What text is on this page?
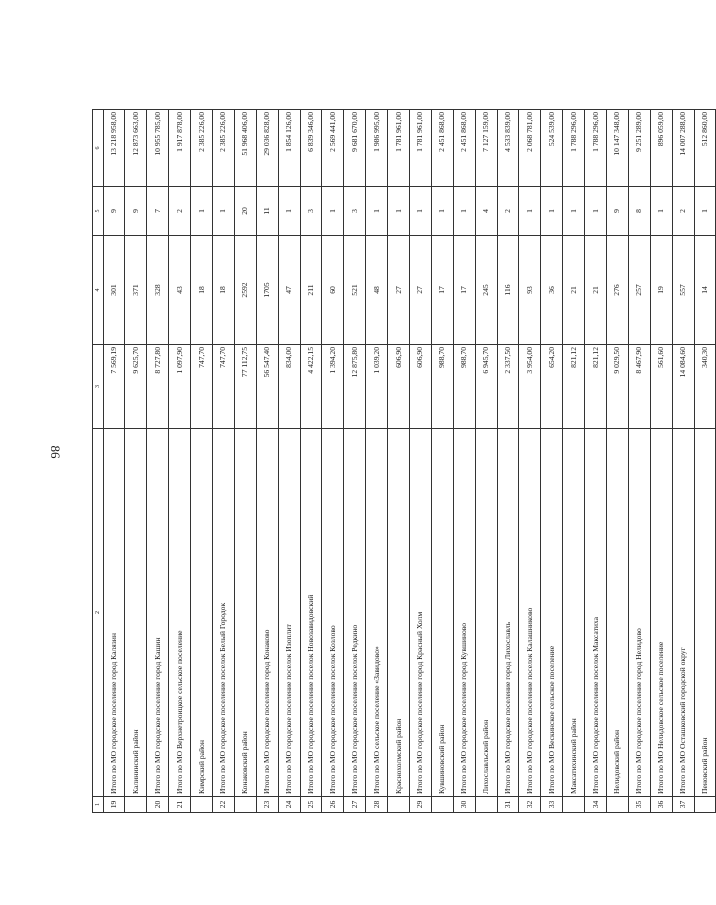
86
1	2	3	4	5	6
19	Итого по МО городское поселение город Калязин	7 569,19	301	9	13 218 958,00
	Калининский район	9 625,70	371	9	12 873 663,00
20	Итого по МО городское поселение город Кашин	8 727,80	328	7	10 955 785,00
21	Итого по МО Верхнетроицкое сельское поселение	1 097,90	43	2	1 917 878,00
	Кимрский район	747,70	18	1	2 385 226,00
22	Итого по МО городское поселение поселок Белый Городок	747,70	18	1	2 385 226,00
	Конаковский район	77 112,75	2592	20	51 968 406,00
23	Итого по МО городское поселение город Конаково	56 547,40	1705	11	29 036 828,00
24	Итого по МО городское поселение поселок Изоплит	834,00	47	1	1 854 126,00
25	Итого по МО городское поселение поселок Новозавидовский	4 422,15	211	3	6 839 346,00
26	Итого по МО городское поселение поселок Козлово	1 394,20	60	1	2 569 441,00
27	Итого по МО городское поселение поселок Редкино	12 875,80	521	3	9 681 670,00
28	Итого по МО сельское поселение «Завидово»	1 039,20	48	1	1 986 995,00
	Краснохолмский район	606,90	27	1	1 781 961,00
29	Итого по МО городское поселение город Красный Холм	606,90	27	1	1 781 961,00
	Кувшиновский район	988,70	17	1	2 451 868,00
30	Итого по МО городское поселение город Кувшиново	988,70	17	1	2 451 868,00
	Лихославльский район	6 945,70	245	4	7 127 159,00
31	Итого по МО городское поселение город Лихославль	2 337,50	116	2	4 533 839,00
32	Итого по МО городское поселение поселок Калашниково	3 954,00	93	1	2 068 781,00
33	Итого по МО Вескинское сельское поселение	654,20	36	1	524 539,00
	Максатихинский район	821,12	21	1	1 788 296,00
34	Итого по МО городское поселение поселок Максатиха	821,12	21	1	1 788 296,00
	Нелидовский район	9 029,50	276	9	10 147 348,00
35	Итого по МО городское поселение город Нелидово	8 467,90	257	8	9 251 289,00
36	Итого по МО Нелидовское сельское поселение	561,60	19	1	896 059,00
37	Итого по МО Осташковский городской округ	14 084,60	557	2	14 007 288,00
	Пеновский район	340,30	14	1	512 860,00
